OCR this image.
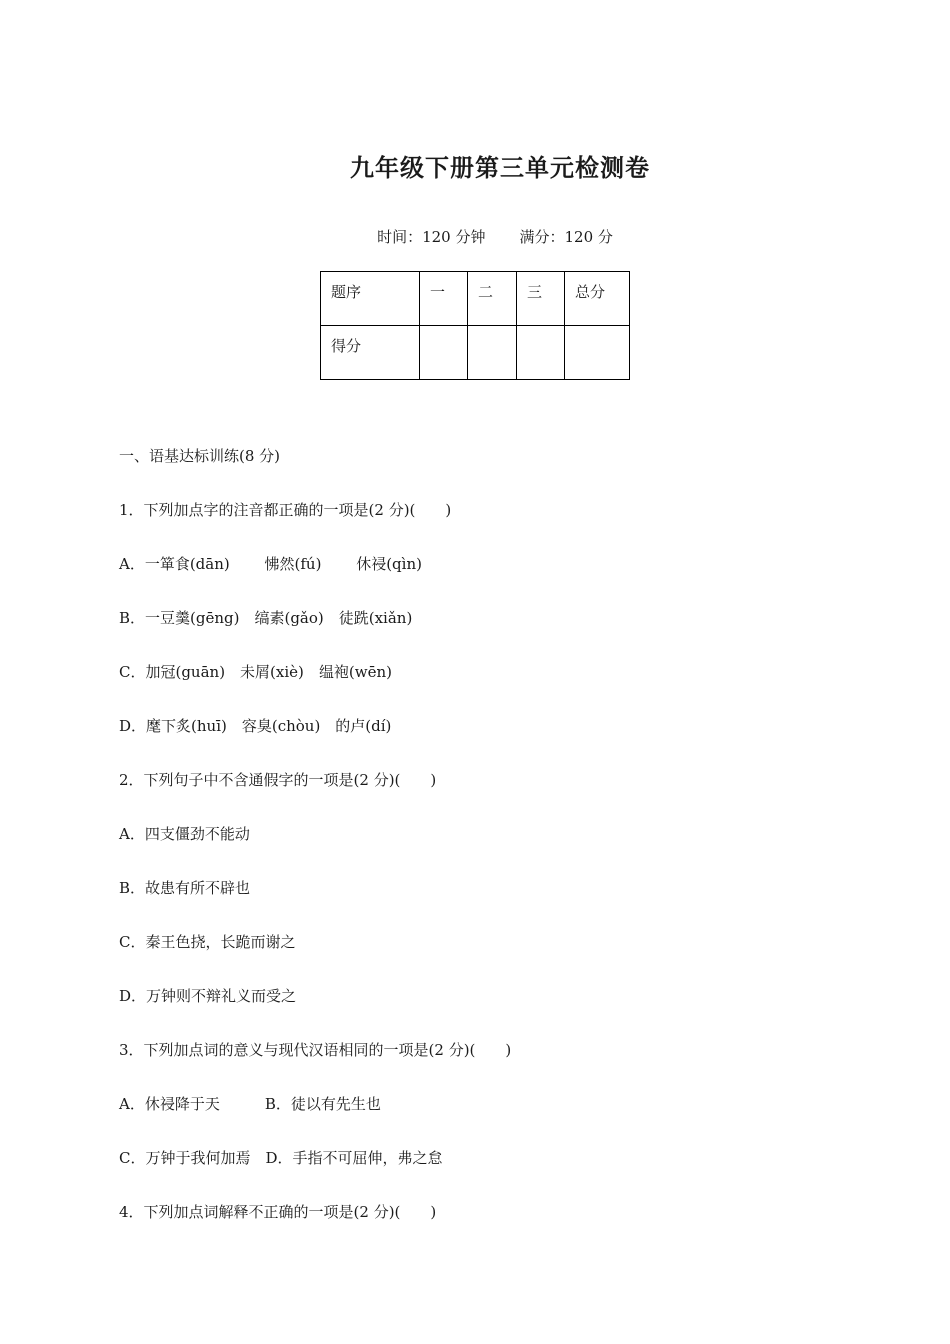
九年级下册第三单元检测卷
时间：120 分钟 满分：120 分
题序	一	二	三	总分
得分				
一、语基达标训练(8 分)
1．下列加点字的注音都正确的一项是(2 分)(　　)
A．一箪食(dān)　　 怫然(fú)　　 休祲(qìn)
B．一豆羹(gēng)　缟素(gǎo)　徒跣(xiǎn)
C．加冠(guān)　未屑(xiè)　缊袍(wēn)
D．麾下炙(huī)　容臭(chòu)　的卢(dí)
2．下列句子中不含通假字的一项是(2 分)(　　)
A．四支僵劲不能动
B．故患有所不辟也
C．秦王色挠，长跪而谢之
D．万钟则不辩礼义而受之
3．下列加点词的意义与现代汉语相同的一项是(2 分)(　　)
A．休祲降于天　　　B．徒以有先生也
C．万钟于我何加焉　D．手指不可屈伸，弗之怠
4．下列加点词解释不正确的一项是(2 分)(　　)
